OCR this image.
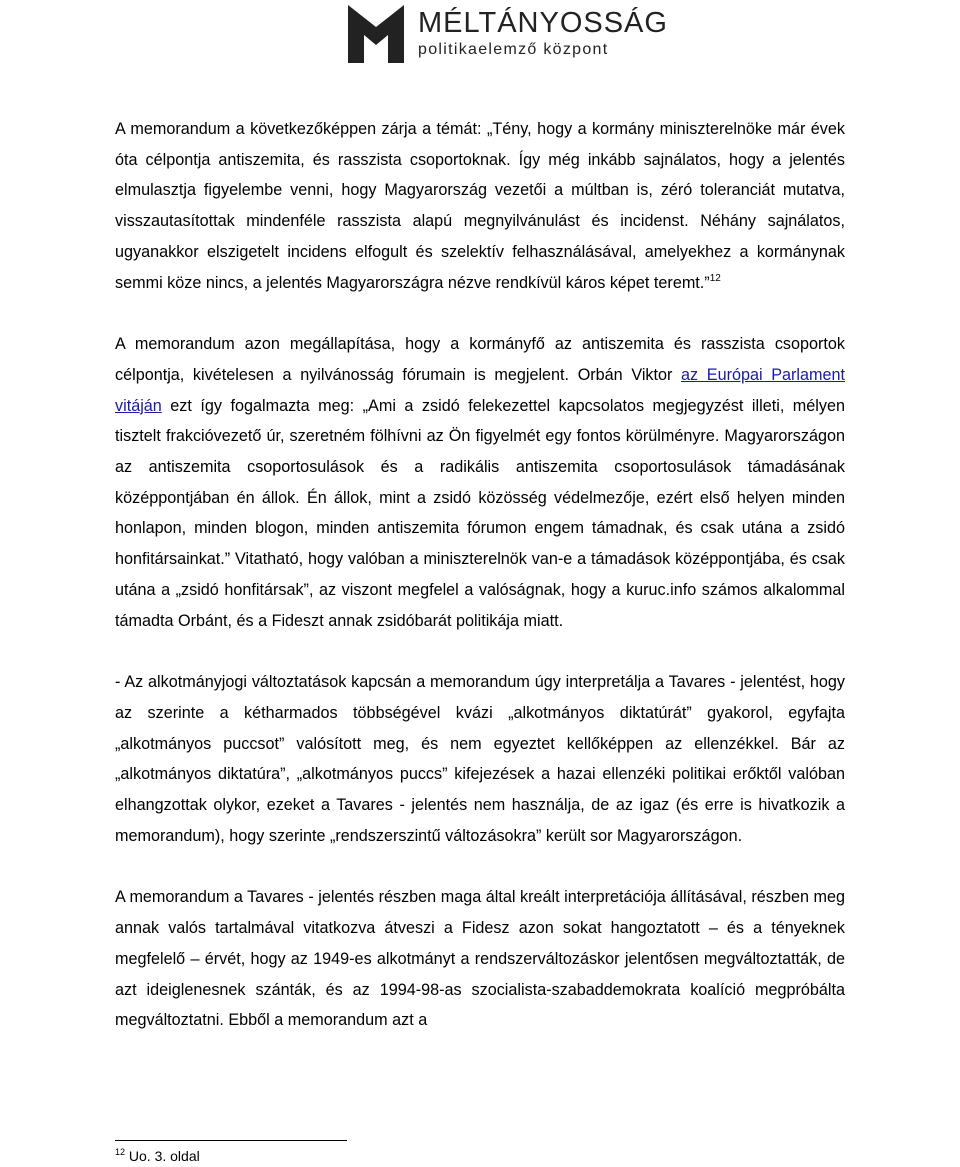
MÉLTÁNYOSSÁG
politikaelemző központ

A memorandum a következőképpen zárja a témát: „Tény, hogy a kormány miniszterelnöke már évek óta célpontja antiszemita, és rasszista csoportoknak. Így még inkább sajnálatos, hogy a jelentés elmulasztja figyelembe venni, hogy Magyarország vezetői a múltban is, zéró toleranciát mutatva, visszautasítottak mindenféle rasszista alapú megnyilvánulást és incidenst. Néhány sajnálatos, ugyanakkor elszigetelt incidens elfogult és szelektív felhasználásával, amelyekhez a kormánynak semmi köze nincs, a jelentés Magyarországra nézve rendkívül káros képet teremt.”$^{12}$

A memorandum azon megállapítása, hogy a kormányfő az antiszemita és rasszista csoportok célpontja, kivételesen a nyilvánosság fórumain is megjelent. Orbán Viktor az Európai Parlament vitáján ezt így fogalmazta meg: „Ami a zsidó felekezettel kapcsolatos megjegyzést illeti, mélyen tisztelt frakcióvezető úr, szeretném fölhívni az Ön figyelmét egy fontos körülményre. Magyarországon az antiszemita csoportosulások és a radikális antiszemita csoportosulások támadásának középpontjában én állok. Én állok, mint a zsidó közösség védelmezője, ezért első helyen minden honlapon, minden blogon, minden antiszemita fórumon engem támadnak, és csak utána a zsidó honfitársainkat.” Vitatható, hogy valóban a miniszterelnök van-e a támadások középpontjába, és csak utána a „zsidó honfitársak”, az viszont megfelel a valóságnak, hogy a kuruc.info számos alkalommal támadta Orbánt, és a Fideszt annak zsidóbarát politikája miatt.

- Az alkotmányjogi változtatások kapcsán a memorandum úgy interpretálja a Tavares - jelentést, hogy az szerinte a kétharmados többségével kvázi „alkotmányos diktatúrát” gyakorol, egyfajta „alkotmányos puccsot” valósított meg, és nem egyeztet kellőképpen az ellenzékkel. Bár az „alkotmányos diktatúra”, „alkotmányos puccs” kifejezések a hazai ellenzéki politikai erőktől valóban elhangzottak olykor, ezeket a Tavares - jelentés nem használja, de az igaz (és erre is hivatkozik a memorandum), hogy szerinte „rendszerszintű változásokra” került sor Magyarországon.

A memorandum a Tavares - jelentés részben maga által kreált interpretációja állításával, részben meg annak valós tartalmával vitatkozva átveszi a Fidesz azon sokat hangoztatott – és a tényeknek megfelelő – érvét, hogy az 1949-es alkotmányt a rendszerváltozáskor jelentősen megváltoztatták, de azt ideiglenesnek szánták, és az 1994-98-as szocialista-szabaddemokrata koalíció megpróbálta megváltoztatni. Ebből a memorandum azt a

$^{12}$ Uo. 3. oldal
